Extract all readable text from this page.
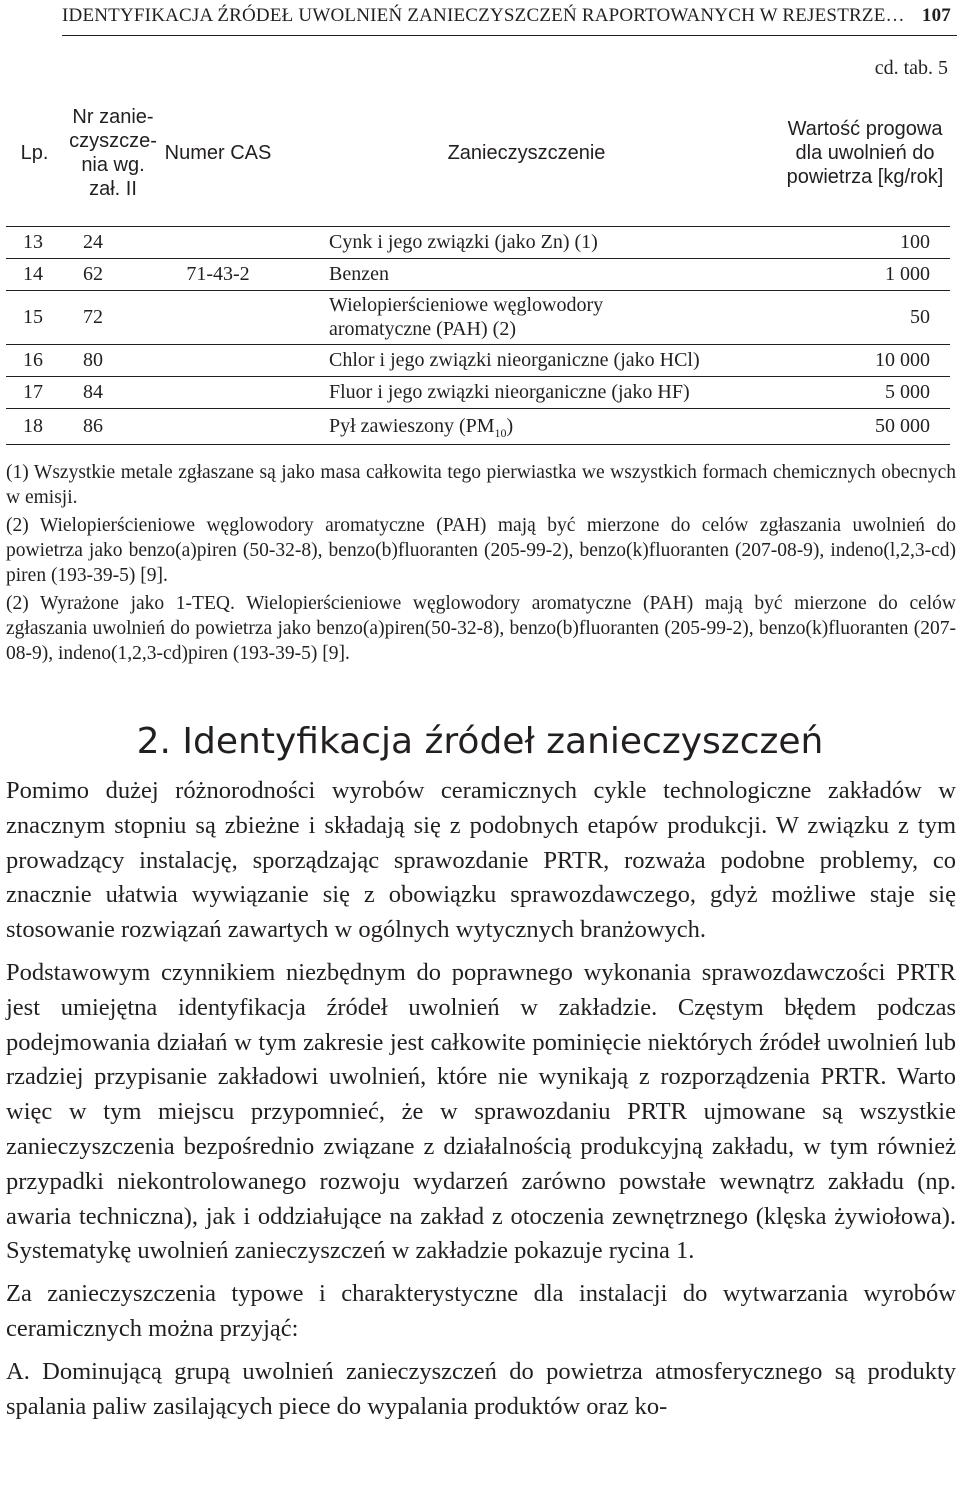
IDENTYFIKACJA ŹRÓDEŁ UWOLNIEŃ ZANIECZYSZCZEŃ RAPORTOWANYCH W REJESTRZE… 107
cd. tab. 5
Lp.	Nr zanie-czyszcze-nia wg. zał. II	Numer CAS	Zanieczyszczenie	Wartość progowa dla uwolnień do powietrza [kg/rok]
13	24		Cynk i jego związki (jako Zn) (1)	100
14	62	71-43-2	Benzen	1 000
15	72		Wielopierścieniowe węglowodory aromatyczne (PAH) (2)	50
16	80		Chlor i jego związki nieorganiczne (jako HCl)	10 000
17	84		Fluor i jego związki nieorganiczne (jako HF)	5 000
18	86		Pył zawieszony $(PM_{10})$	50 000

(1) Wszystkie metale zgłaszane są jako masa całkowita tego pierwiastka we wszystkich formach chemicznych obecnych w emisji.

(2) Wielopierścieniowe węglowodory aromatyczne (PAH) mają być mierzone do celów zgłaszania uwolnień do powietrza jako benzo(a)piren (50-32-8), benzo(b)fluoranten (205-99-2), benzo(k)fluoranten (207-08-9), indeno(l,2,3-cd) piren (193-39-5) [9].

(2) Wyrażone jako 1-TEQ. Wielopierścieniowe węglowodory aromatyczne (PAH) mają być mierzone do celów zgłaszania uwolnień do powietrza jako benzo(a)piren(50-32-8), benzo(b)fluoranten (205-99-2), benzo(k)fluoranten (207-08-9), indeno(1,2,3-cd)piren (193-39-5) [9].

2. Identyfikacja źródeł zanieczyszczeń

Pomimo dużej różnorodności wyrobów ceramicznych cykle technologiczne zakładów w znacznym stopniu są zbieżne i składają się z podobnych etapów produkcji. W związku z tym prowadzący instalację, sporządzając sprawozdanie PRTR, rozważa podobne problemy, co znacznie ułatwia wywiązanie się z obowiązku sprawozdawczego, gdyż możliwe staje się stosowanie rozwiązań zawartych w ogólnych wytycznych branżowych.

Podstawowym czynnikiem niezbędnym do poprawnego wykonania sprawozdawczości PRTR jest umiejętna identyfikacja źródeł uwolnień w zakładzie. Częstym błędem podczas podejmowania działań w tym zakresie jest całkowite pominięcie niektórych źródeł uwolnień lub rzadziej przypisanie zakładowi uwolnień, które nie wynikają z rozporządzenia PRTR. Warto więc w tym miejscu przypomnieć, że w sprawozdaniu PRTR ujmowane są wszystkie zanieczyszczenia bezpośrednio związane z działalnością produkcyjną zakładu, w tym również przypadki niekontrolowanego rozwoju wydarzeń zarówno powstałe wewnątrz zakładu (np. awaria techniczna), jak i oddziałujące na zakład z otoczenia zewnętrznego (klęska żywiołowa). Systematykę uwolnień zanieczyszczeń w zakładzie pokazuje rycina 1.

Za zanieczyszczenia typowe i charakterystyczne dla instalacji do wytwarzania wyrobów ceramicznych można przyjąć:

A. Dominującą grupą uwolnień zanieczyszczeń do powietrza atmosferycznego są produkty spalania paliw zasilających piece do wypalania produktów oraz ko-
